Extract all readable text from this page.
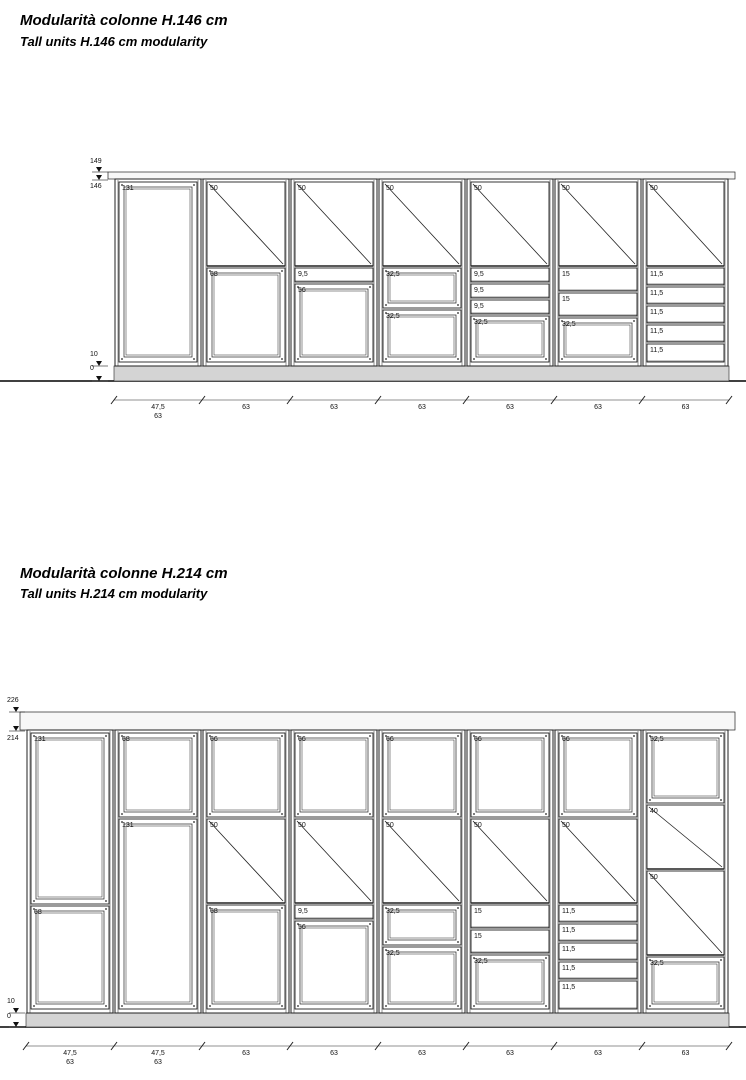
Modularità colonne H.146 cm
Tall units H.146 cm modularity
Modularità colonne H.214 cm
Tall units H.214 cm modularity
149
146
10
0
131
47,5
63
50
68
63
50
9,5
56
63
50
32,5
32,5
63
50
9,5
9,5
9,5
32,5
63
50
15
15
32,5
63
50
11,5
11,5
11,5
11,5
11,5
63
226
214
10
0
131
68
47,5
63
68
131
47,5
63
66
50
68
63
66
50
9,5
56
63
66
50
32,5
32,5
63
66
50
15
15
32,5
63
66
50
11,5
11,5
11,5
11,5
11,5
63
52,5
40
50
32,5
63
